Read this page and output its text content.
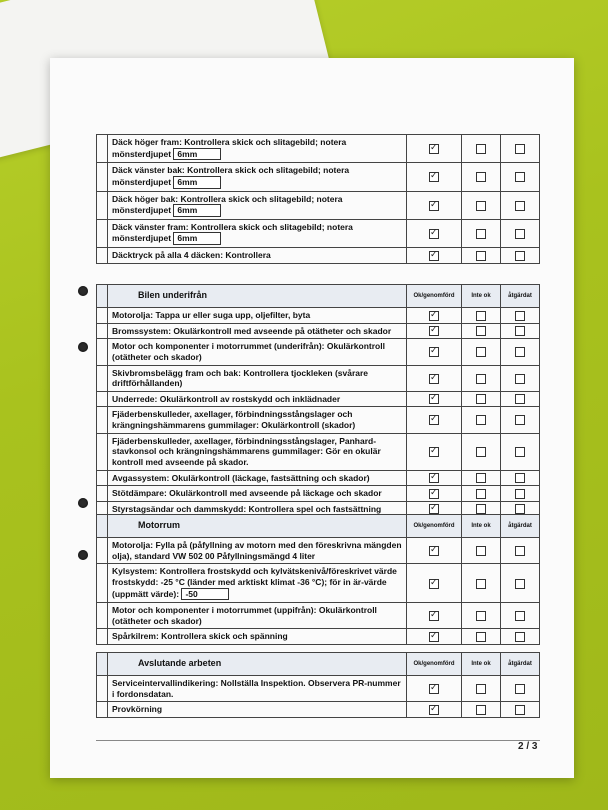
	Däck höger fram: Kontrollera skick och slitagebild; notera mönsterdjupet 6mm	✓		
	Däck vänster bak: Kontrollera skick och slitagebild; notera mönsterdjupet 6mm	✓		
	Däck höger bak: Kontrollera skick och slitagebild; notera mönsterdjupet 6mm	✓		
	Däck vänster fram: Kontrollera skick och slitagebild; notera mönsterdjupet 6mm	✓		
	Däcktryck på alla 4 däcken: Kontrollera	✓		
	Bilen underifrån	Ok/genomförd	Inte ok	åtgärdat
	Motorolja: Tappa ur eller suga upp, oljefilter, byta	✓		
	Bromssystem: Okulärkontroll med avseende på otätheter och skador	✓		
	Motor och komponenter i motorrummet (underifrån): Okulärkontroll (otätheter och skador)	✓		
	Skivbromsbelägg fram och bak: Kontrollera tjockleken (svårare driftförhållanden)	✓		
	Underrede: Okulärkontroll av rostskydd och inklädnader	✓		
	Fjäderbenskulleder, axellager, förbindningsstångslager och krängningshämmarens gummilager: Okulärkontroll (skador)	✓		
	Fjäderbenskulleder, axellager, förbindningsstångslager, Panhard-stavkonsol och krängningshämmarens gummilager: Gör en okulär kontroll med avseende på skador.	✓		
	Avgassystem: Okulärkontroll (läckage, fastsättning och skador)	✓		
	Stötdämpare: Okulärkontroll med avseende på läckage och skador	✓		
	Styrstagsändar och dammskydd: Kontrollera spel och fastsättning	✓		
	Motorrum	Ok/genomförd	Inte ok	åtgärdat
	Motorolja: Fylla på (påfyllning av motorn med den föreskrivna mängden olja), standard VW 502 00 Påfyllningsmängd 4 liter	✓		
	Kylsystem: Kontrollera frostskydd och kylvätskenivå/föreskrivet värde frostskydd: -25 °C (länder med arktiskt klimat -36 °C); för in är-värde (uppmätt värde): -50	✓		
	Motor och komponenter i motorrummet (uppifrån): Okulärkontroll (otätheter och skador)	✓		
	Spårkilrem: Kontrollera skick och spänning	✓		
	Avslutande arbeten	Ok/genomförd	Inte ok	åtgärdat
	Serviceintervallindikering: Nollställa Inspektion. Observera PR-nummer i fordonsdatan.	✓		
	Provkörning	✓		
2 / 3
